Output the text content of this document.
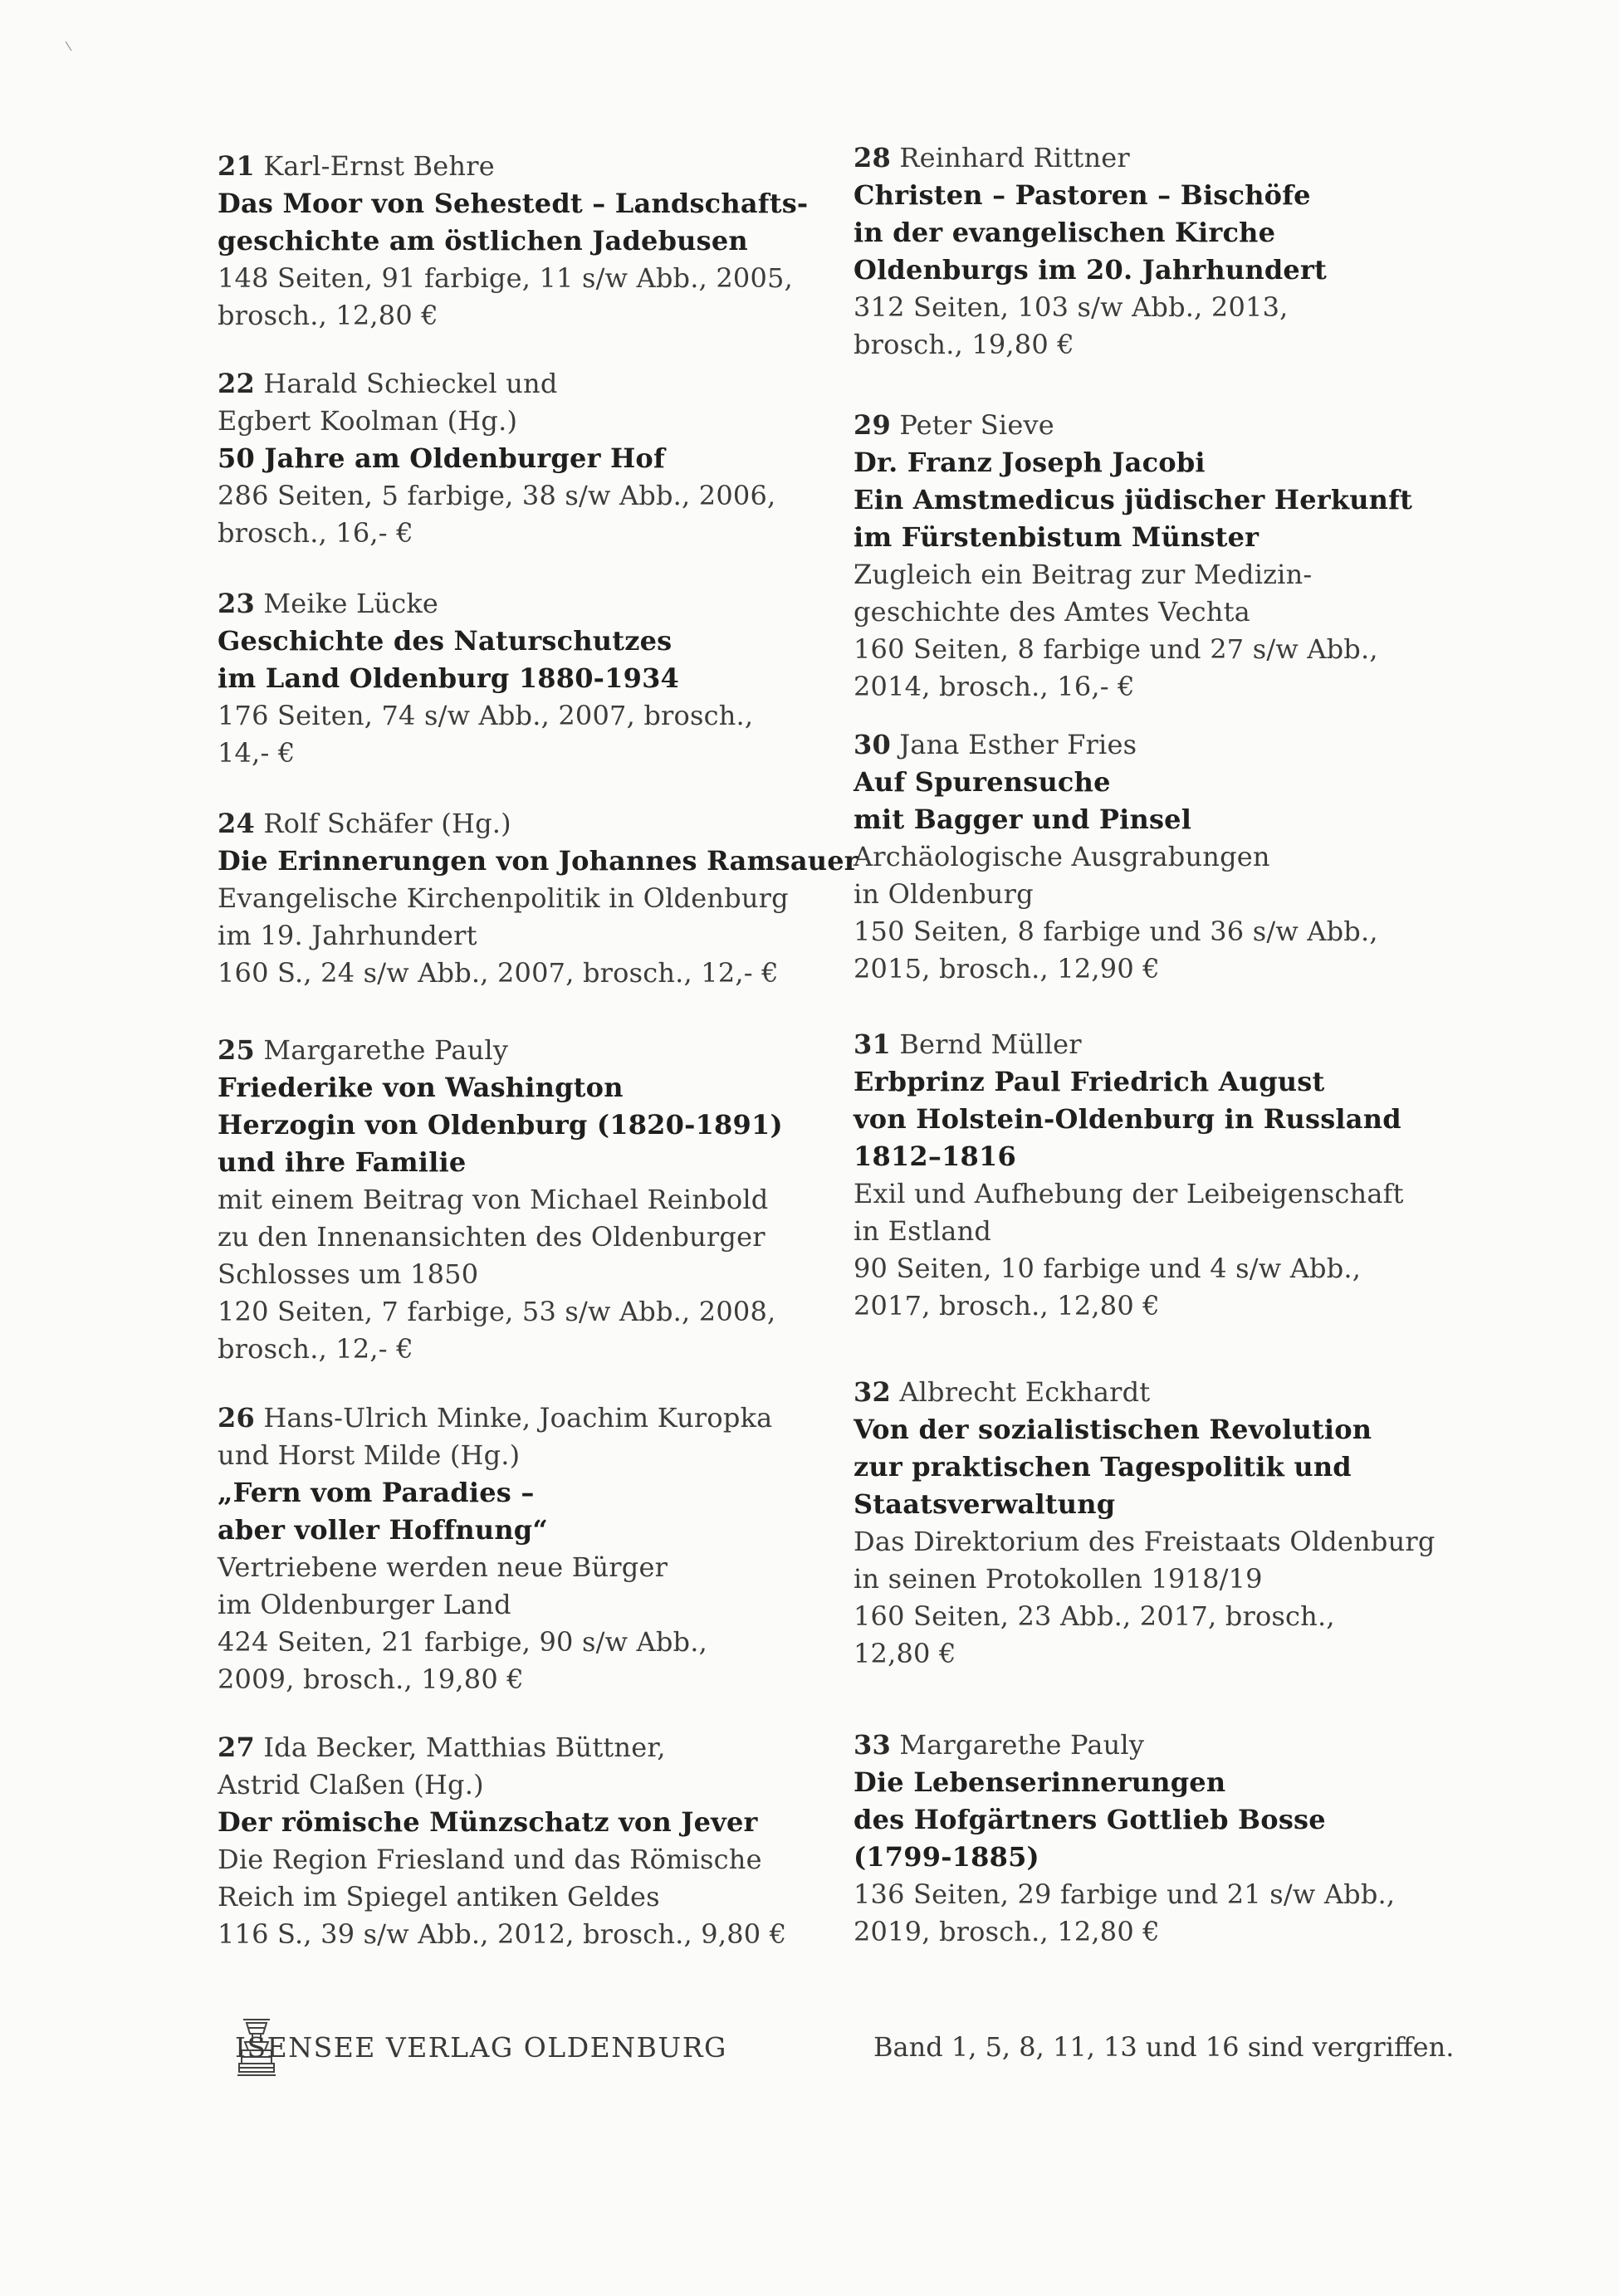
21 Karl-Ernst Behre
Das Moor von Sehestedt – Landschafts-
geschichte am östlichen Jadebusen
148 Seiten, 91 farbige, 11 s/w Abb., 2005,
brosch., 12,80 €
22 Harald Schieckel und
Egbert Koolman (Hg.)
50 Jahre am Oldenburger Hof
286 Seiten, 5 farbige, 38 s/w Abb., 2006,
brosch., 16,- €
23 Meike Lücke
Geschichte des Naturschutzes
im Land Oldenburg 1880-1934
176 Seiten, 74 s/w Abb., 2007, brosch.,
14,- €
24 Rolf Schäfer (Hg.)
Die Erinnerungen von Johannes Ramsauer
Evangelische Kirchenpolitik in Oldenburg
im 19. Jahrhundert
160 S., 24 s/w Abb., 2007, brosch., 12,- €
25 Margarethe Pauly
Friederike von Washington
Herzogin von Oldenburg (1820-1891)
und ihre Familie
mit einem Beitrag von Michael Reinbold
zu den Innenansichten des Oldenburger
Schlosses um 1850
120 Seiten, 7 farbige, 53 s/w Abb., 2008,
brosch., 12,- €
26 Hans-Ulrich Minke, Joachim Kuropka
und Horst Milde (Hg.)
„Fern vom Paradies –
aber voller Hoffnung“
Vertriebene werden neue Bürger
im Oldenburger Land
424 Seiten, 21 farbige, 90 s/w Abb.,
2009, brosch., 19,80 €
27 Ida Becker, Matthias Büttner,
Astrid Claßen (Hg.)
Der römische Münzschatz von Jever
Die Region Friesland und das Römische
Reich im Spiegel antiken Geldes
116 S., 39 s/w Abb., 2012, brosch., 9,80 €
28 Reinhard Rittner
Christen – Pastoren – Bischöfe
in der evangelischen Kirche
Oldenburgs im 20. Jahrhundert
312 Seiten, 103 s/w Abb., 2013,
brosch., 19,80 €
29 Peter Sieve
Dr. Franz Joseph Jacobi
Ein Amstmedicus jüdischer Herkunft
im Fürstenbistum Münster
Zugleich ein Beitrag zur Medizin-
geschichte des Amtes Vechta
160 Seiten, 8 farbige und 27 s/w Abb.,
2014, brosch., 16,- €
30 Jana Esther Fries
Auf Spurensuche
mit Bagger und Pinsel
Archäologische Ausgrabungen
in Oldenburg
150 Seiten, 8 farbige und 36 s/w Abb.,
2015, brosch., 12,90 €
31 Bernd Müller
Erbprinz Paul Friedrich August
von Holstein-Oldenburg in Russland
1812–1816
Exil und Aufhebung der Leibeigenschaft
in Estland
90 Seiten, 10 farbige und 4 s/w Abb.,
2017, brosch., 12,80 €
32 Albrecht Eckhardt
Von der sozialistischen Revolution
zur praktischen Tagespolitik und
Staatsverwaltung
Das Direktorium des Freistaats Oldenburg
in seinen Protokollen 1918/19
160 Seiten, 23 Abb., 2017, brosch.,
12,80 €
33 Margarethe Pauly
Die Lebenserinnerungen
des Hofgärtners Gottlieb Bosse
(1799-1885)
136 Seiten, 29 farbige und 21 s/w Abb.,
2019, brosch., 12,80 €
ISENSEE VERLAG OLDENBURG	Band 1, 5, 8, 11, 13 und 16 sind vergriffen.
